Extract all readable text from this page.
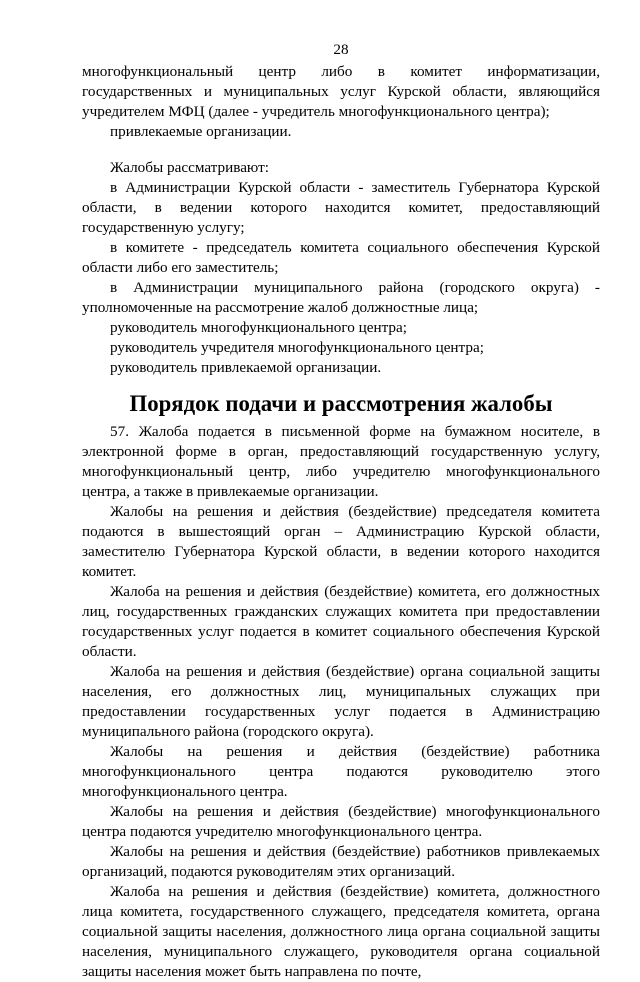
28

многофункциональный центр либо в комитет информатизации, государственных и муниципальных услуг Курской области, являющийся учредителем МФЦ (далее - учредитель многофункционального центра);

привлекаемые организации.

Жалобы рассматривают:

в Администрации Курской области - заместитель Губернатора Курской области, в ведении которого находится комитет, предоставляющий государственную услугу;

в комитете - председатель комитета социального обеспечения Курской области либо его заместитель;

в Администрации муниципального района (городского округа) - уполномоченные на рассмотрение жалоб должностные лица;

руководитель многофункционального центра;

руководитель учредителя многофункционального центра;

руководитель привлекаемой организации.

Порядок подачи и рассмотрения жалобы

57. Жалоба подается в письменной форме на бумажном носителе, в электронной форме в орган, предоставляющий государственную услугу, многофункциональный центр, либо учредителю многофункционального центра, а также в привлекаемые организации.

Жалобы на решения и действия (бездействие) председателя комитета подаются в вышестоящий орган – Администрацию Курской области, заместителю Губернатора Курской области, в ведении которого находится комитет.

Жалоба на решения и действия (бездействие) комитета, его должностных лиц, государственных гражданских служащих комитета при предоставлении государственных услуг подается в комитет социального обеспечения Курской области.

Жалоба на решения и действия (бездействие) органа социальной защиты населения, его должностных лиц, муниципальных служащих при предоставлении государственных услуг подается в Администрацию муниципального района (городского округа).

Жалобы на решения и действия (бездействие) работника многофункционального центра подаются руководителю этого многофункционального центра.

Жалобы на решения и действия (бездействие) многофункционального центра подаются учредителю многофункционального центра.

Жалобы на решения и действия (бездействие) работников привлекаемых организаций, подаются руководителям этих организаций.

Жалоба на решения и действия (бездействие) комитета, должностного лица комитета, государственного служащего, председателя комитета, органа социальной защиты населения, должностного лица органа социальной защиты населения, муниципального служащего, руководителя органа социальной защиты населения может быть направлена по почте,
